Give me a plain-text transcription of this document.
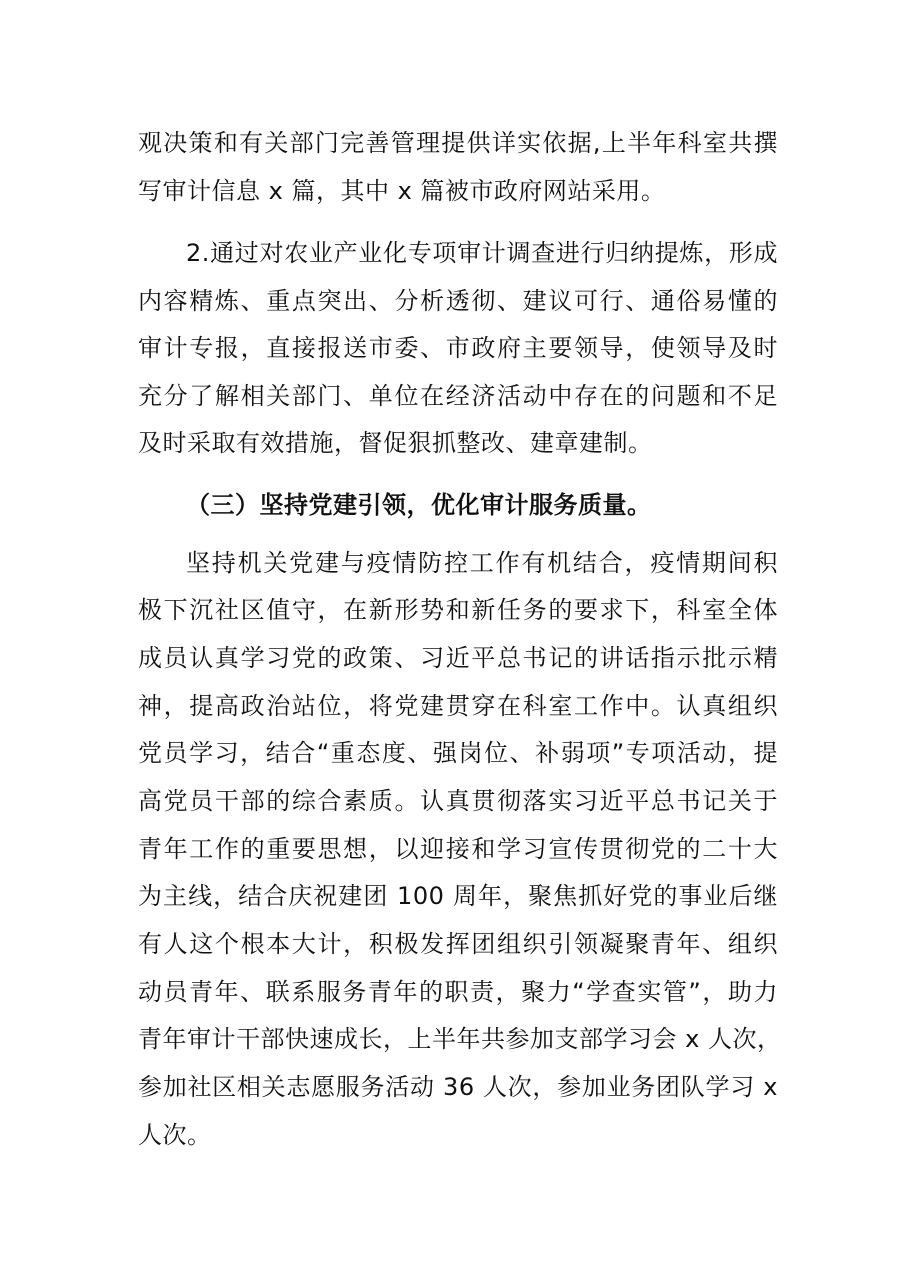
观决策和有关部门完善管理提供详实依据,上半年科室共撰
写审计信息 x 篇，其中 x 篇被市政府网站采用。
2.通过对农业产业化专项审计调查进行归纳提炼，形成
内容精炼、重点突出、分析透彻、建议可行、通俗易懂的
审计专报，直接报送市委、市政府主要领导，使领导及时
充分了解相关部门、单位在经济活动中存在的问题和不足
及时采取有效措施，督促狠抓整改、建章建制。
（三）坚持党建引领，优化审计服务质量。
坚持机关党建与疫情防控工作有机结合，疫情期间积
极下沉社区值守，在新形势和新任务的要求下，科室全体
成员认真学习党的政策、习近平总书记的讲话指示批示精
神，提高政治站位，将党建贯穿在科室工作中。认真组织
党员学习，结合“重态度、强岗位、补弱项”专项活动，提
高党员干部的综合素质。认真贯彻落实习近平总书记关于
青年工作的重要思想，以迎接和学习宣传贯彻党的二十大
为主线，结合庆祝建团 100 周年，聚焦抓好党的事业后继
有人这个根本大计，积极发挥团组织引领凝聚青年、组织
动员青年、联系服务青年的职责，聚力“学查实管”，助力
青年审计干部快速成长，上半年共参加支部学习会 x 人次，
参加社区相关志愿服务活动 36 人次，参加业务团队学习 x
人次。
